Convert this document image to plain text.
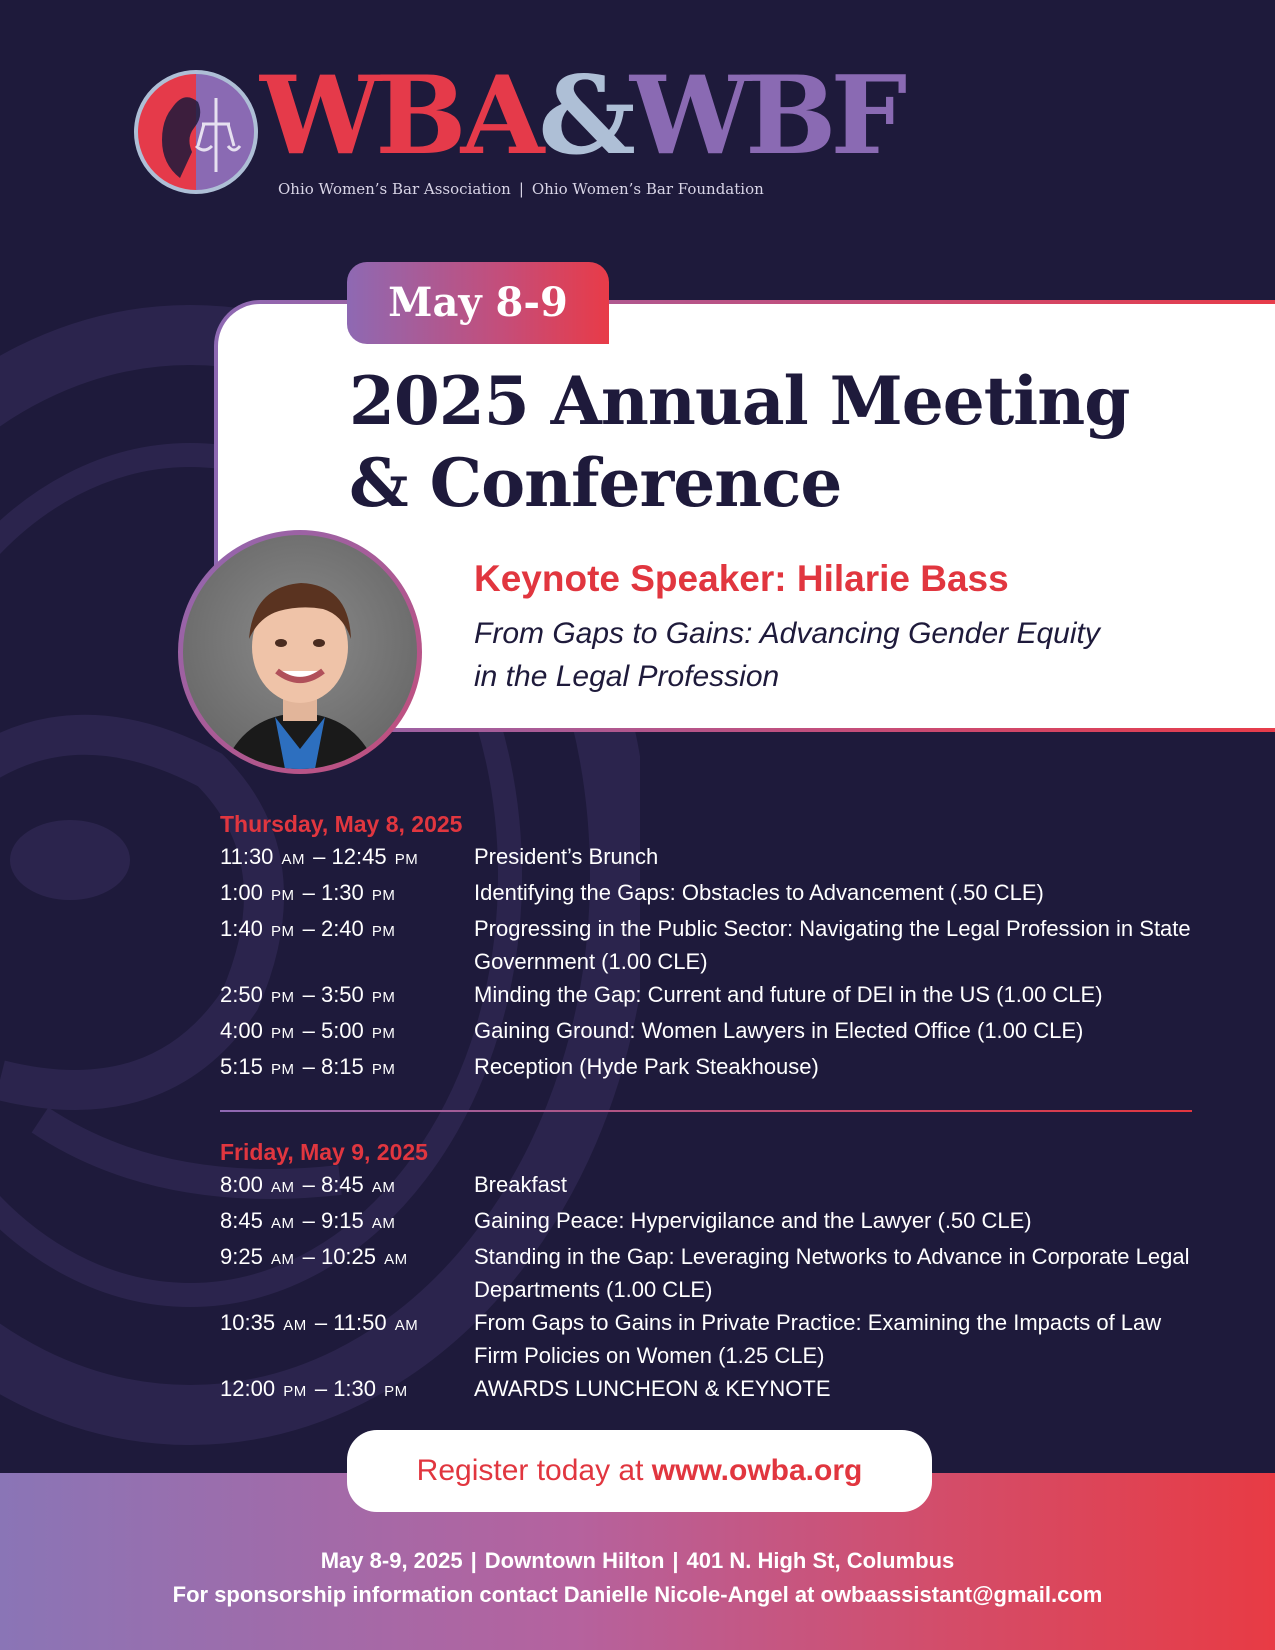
WBA&WBF
Ohio Women’s Bar Association | Ohio Women’s Bar Foundation
2025 Annual Meeting
& Conference
Keynote Speaker: Hilarie Bass
From Gaps to Gains: Advancing Gender Equity
in the Legal Profession
May 8-9
Thursday, May 8, 2025
11:30 AM – 12:45 PM	President’s Brunch
1:00 PM – 1:30 PM	Identifying the Gaps: Obstacles to Advancement (.50 CLE)
1:40 PM – 2:40 PM	Progressing in the Public Sector: Navigating the Legal Profession in State Government (1.00 CLE)
2:50 PM – 3:50 PM	Minding the Gap: Current and future of DEI in the US (1.00 CLE)
4:00 PM – 5:00 PM	Gaining Ground: Women Lawyers in Elected Office (1.00 CLE)
5:15 PM – 8:15 PM	Reception (Hyde Park Steakhouse)
Friday, May 9, 2025
8:00 AM – 8:45 AM	Breakfast
8:45 AM – 9:15 AM	Gaining Peace: Hypervigilance and the Lawyer (.50 CLE)
9:25 AM – 10:25 AM	Standing in the Gap: Leveraging Networks to Advance in Corporate Legal Departments (1.00 CLE)
10:35 AM – 11:50 AM	From Gaps to Gains in Private Practice: Examining the Impacts of Law Firm Policies on Women (1.25 CLE)
12:00 PM – 1:30 PM	AWARDS LUNCHEON & KEYNOTE
Register today at www.owba.org
May 8-9, 2025 | Downtown Hilton | 401 N. High St, Columbus
For sponsorship information contact Danielle Nicole-Angel at owbaassistant@gmail.com
